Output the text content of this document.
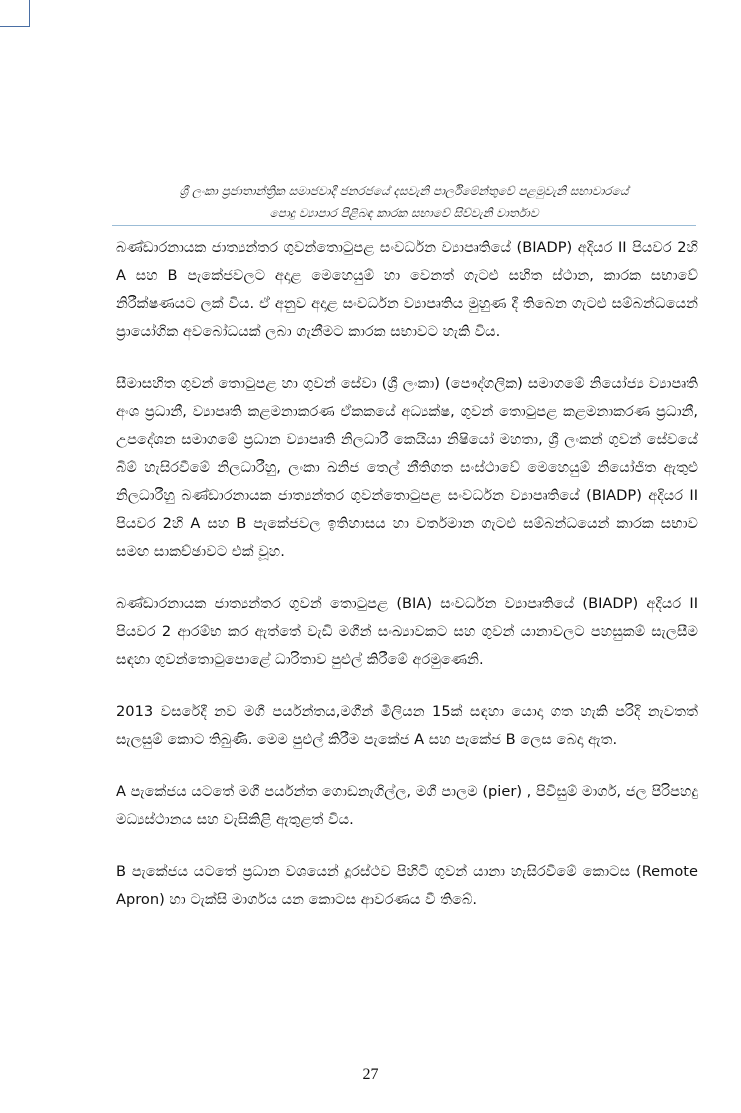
ශ්‍රී ලංකා ප්‍රජාතාන්ත්‍රික සමාජවාදී ජනරජයේ දසවැනි පාර්ලිමේන්තුවේ පළමුවැනි සභාවාරයේ
පොදු ව්‍යාපාර පිළිබඳ කාරක සභාවේ සිව්වැනි වාර්තාව

බණ්ඩාරනායක ජාත්‍යන්තර ගුවන්තොටුපළ සංවර්ධන ව්‍යාපෘතියේ (BIADP) අදියර II පියවර 2හි A සහ B පැකේජවලට අදාළ මෙහෙයුම් හා වෙනත් ගැටළු සහිත ස්ථාන, කාරක සභාවේ නිරීක්ෂණයට ලක් විය. ඒ අනුව අදාළ සංවර්ධන ව්‍යාපෘතිය මුහුණ දී තිබෙන ගැටළු සම්බන්ධයෙන් ප්‍රායෝගික අවබෝධයක් ලබා ගැනීමට කාරක සභාවට හැකි විය.

සීමාසහිත ගුවන් තොටුපළ හා ගුවන් සේවා (ශ්‍රී ලංකා) (පෞද්ගලික) සමාගමේ නියෝජ්‍ය ව්‍යාපෘති අංශ ප්‍රධානී, ව්‍යාපෘති කළමනාකරණ ඒකකයේ අධ්‍යක්ෂ, ගුවන් තොටුපළ කළමනාකරණ ප්‍රධානී, උපදේශන සමාගමේ ප්‍රධාන ව්‍යාපෘති නිලධාරී කෙයියා නිෂියෝ මහතා, ශ්‍රී ලංකන් ගුවන් සේවයේ බිම් හැසිරවීමේ නිලධාරීහු, ලංකා ඛනිජ තෙල් නීතිගත සංස්ථාවේ මෙහෙයුම් නියෝජිත ඇතුළු නිලධාරීහු බණ්ඩාරනායක ජාත්‍යන්තර ගුවන්තොටුපළ සංවර්ධන ව්‍යාපෘතියේ (BIADP) අදියර II පියවර 2හි A සහ B පැකේජවල ඉතිහාසය හා වර්තමාන ගැටළු සම්බන්ධයෙන් කාරක සභාව සමඟ සාකච්ඡාවට එක් වූහ.

බණ්ඩාරනායක ජාත්‍යන්තර ගුවන් තොටුපළ (BIA) සංවර්ධන ව්‍යාපෘතියේ (BIADP) අදියර II පියවර 2 ආරම්භ කර ඇත්තේ වැඩි මගීන් සංඛ්‍යාවකට සහ ගුවන් යානාවලට පහසුකම් සැලසීම සඳහා ගුවන්තොටුපොළේ ධාරිතාව පුළුල් කිරීමේ අරමුණෙනි.

2013 වසරේදී නව මගී පර්යන්තය,මගීන් මිලියන 15ක් සඳහා යොදා ගත හැකි පරිදි නැවතත් සැලසුම් කොට තිබුණි. මෙම පුළුල් කිරීම පැකේජ A සහ පැකේජ B ලෙස බෙදා ඇත.

A පැකේජය යටතේ මගී පර්යන්ත ගොඩනැගිල්ල, මගී පාලම (pier) , පිවිසුම් මාර්ග, ජල පිරිපහදු මධ්‍යස්ථානය සහ වැසිකිළි ඇතුළත් විය.

B පැකේජය යටතේ ප්‍රධාන වශයෙන් දූරස්ථව පිහිටි ගුවන් යානා හැසිරවීමේ කොටස (Remote Apron) හා ටැක්සි මාර්ගය යන කොටස ආවරණය වී තිබේ.

27
